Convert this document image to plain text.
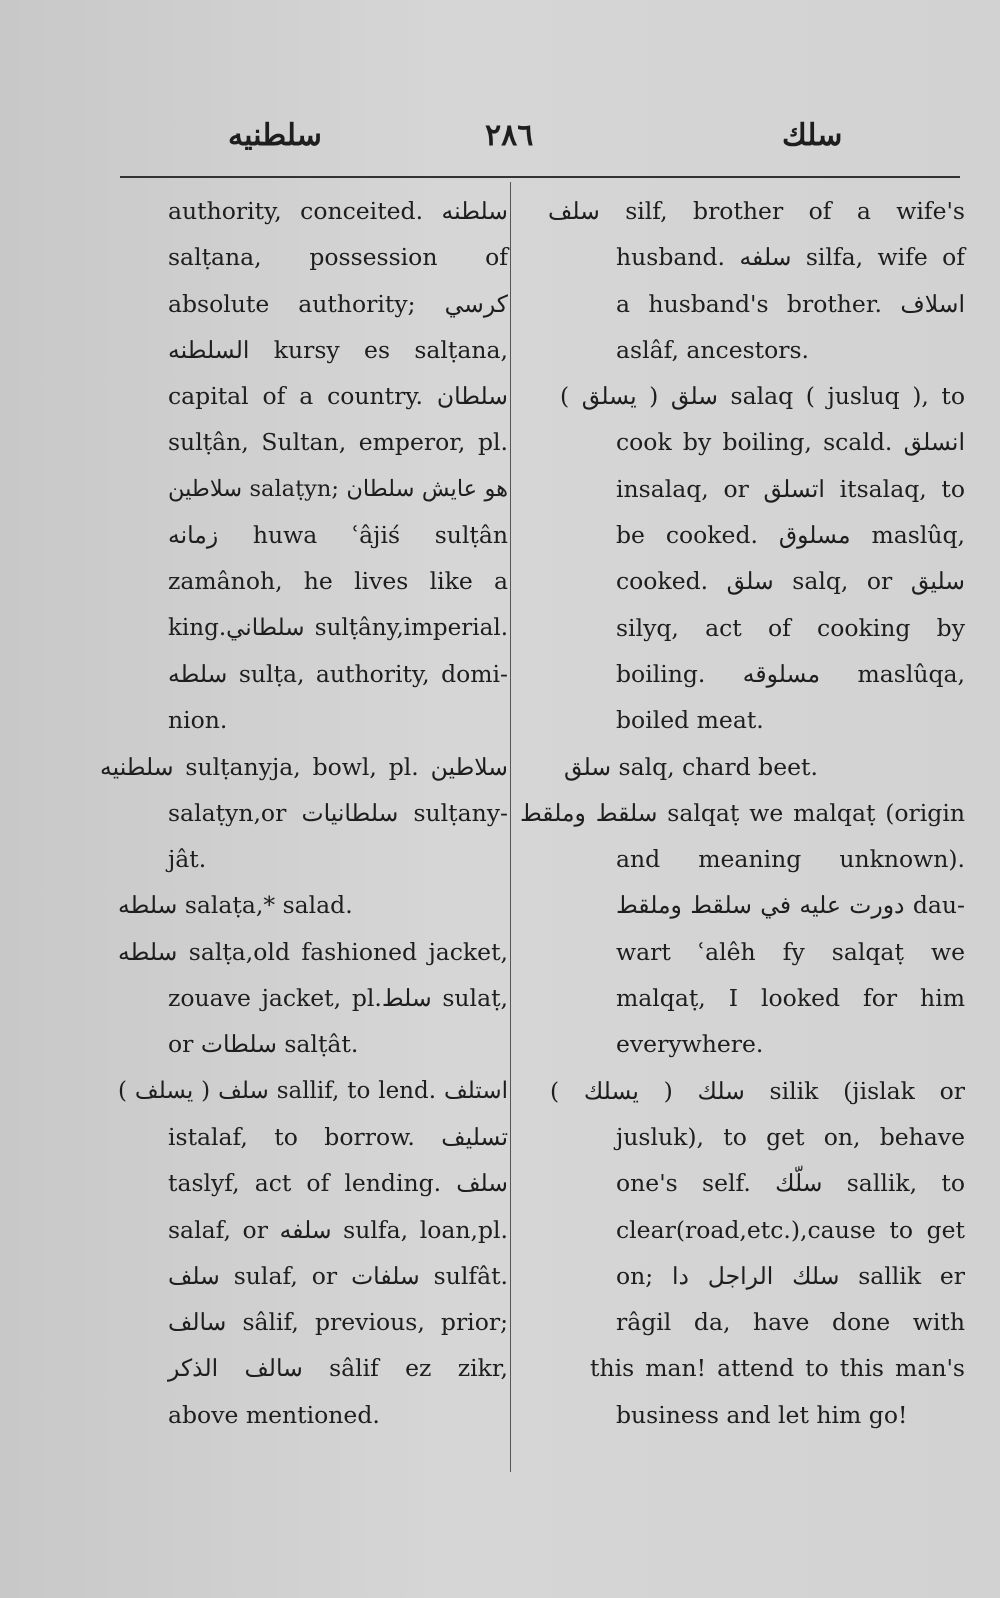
سلطنيه	٢٨٦	سلك
authority, conceited. سلطنه
salṭana, possession of
absolute authority; كرسي
السلطنه kursy es salṭana,
capital of a country. سلطان
sulṭân, Sultan, emperor, pl.
سلاطين salaṭyn; هو عايش سلطان
زمانه huwa ʿâjiś sulṭân
zamânoh, he lives like a
king.سلطاني sulṭâny,imperial.
سلطه sulṭa, authority, domi-
nion.
سلطنيه sulṭanyja, bowl, pl. سلاطين
salaṭyn,or سلطانيات sulṭany-
jât.
سلطه salaṭa,* salad.
سلطه salṭa,old fashioned jacket,
zouave jacket, pl.سلط sulaṭ,
or سلطات salṭât.
سلف ( يسلف ) sallif, to lend. استلف
istalaf, to borrow. تسليف
taslyf, act of lending. سلف
salaf, or سلفه sulfa, loan,pl.
سلف sulaf, or سلفات sulfât.
سالف sâlif, previous, prior;
سالف الذكر sâlif ez zikr,
above mentioned.
سلف silf, brother of a wife's
husband. سلفه silfa, wife of
a husband's brother. اسلاف
aslâf, ancestors.
سلق ( يسلق ) salaq ( jusluq ), to
cook by boiling, scald. انسلق
insalaq, or اتسلق itsalaq, to
be cooked. مسلوق maslûq,
cooked. سلق salq, or سليق
silyq, act of cooking by
boiling. مسلوقه maslûqa,
boiled meat.
سلق salq, chard beet.
سلقط وملقط salqaṭ we malqaṭ (origin
and meaning unknown).
دورت عليه في سلقط وملقط dau-
wart ʿalêh fy salqaṭ we
malqaṭ, I looked for him
everywhere.
سلك ( يسلك ) silik (jislak or
jusluk), to get on, behave
one's self. سلّك sallik, to
clear(road,etc.),cause to get
on; سلك الراجل دا sallik er
râgil da, have done with
this man! attend to this man's
business and let him go!
